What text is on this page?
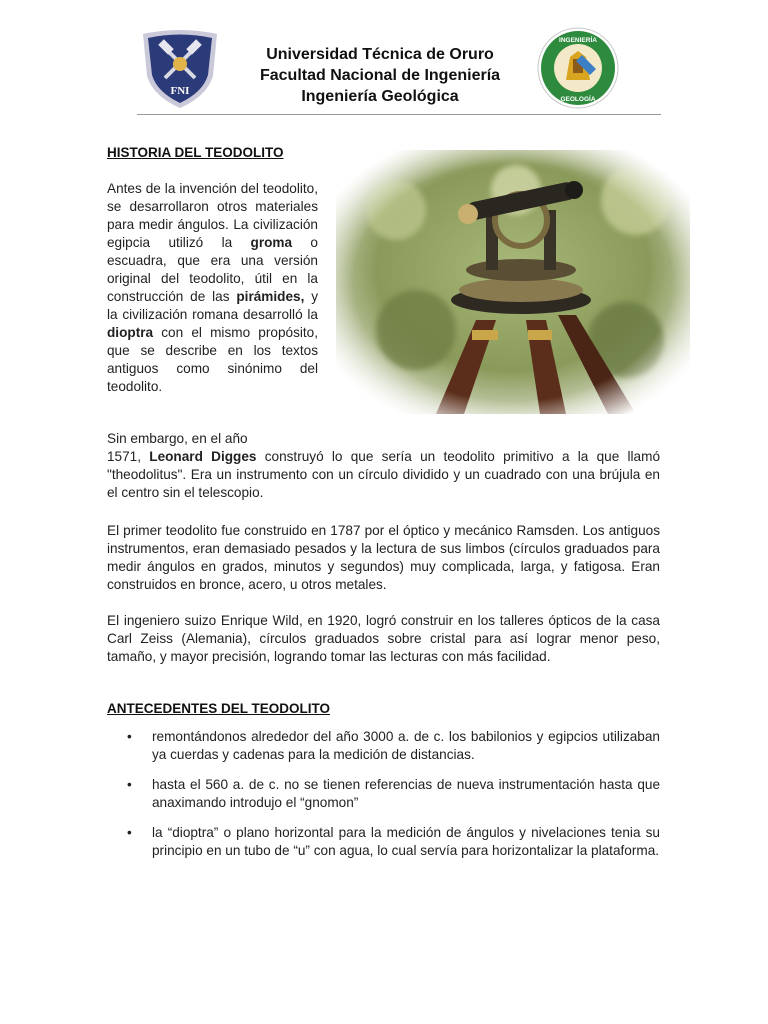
FNI
Universidad Técnica de Oruro
Facultad Nacional de Ingeniería
Ingeniería Geológica
INGENIERÍA
GEOLOGÍA
HISTORIA DEL TEODOLITO
Antes de la invención del teodolito, se desarrollaron otros materiales para medir ángulos. La civilización egipcia utilizó la groma o escuadra, que era una versión original del teodolito, útil en la construcción de las pirámides, y la civilización romana desarrolló la dioptra con el mismo propósito, que se describe en los textos antiguos como sinónimo del teodolito.
Sin embargo, en el año
1571, Leonard Digges construyó lo que sería un teodolito primitivo a la que llamó "theodolitus". Era un instrumento con un círculo dividido y un cuadrado con una brújula en el centro sin el telescopio.
El primer teodolito fue construido en 1787 por el óptico y mecánico Ramsden. Los antiguos instrumentos, eran demasiado pesados y la lectura de sus limbos (círculos graduados para medir ángulos en grados, minutos y segundos) muy complicada, larga, y fatigosa. Eran construidos en bronce, acero, u otros metales.
El ingeniero suizo Enrique Wild, en 1920, logró construir en los talleres ópticos de la casa Carl Zeiss (Alemania), círculos graduados sobre cristal para así lograr menor peso, tamaño, y mayor precisión, logrando tomar las lecturas con más facilidad.
ANTECEDENTES DEL TEODOLITO
• remontándonos alrededor del año 3000 a. de c. los babilonios y egipcios utilizaban ya cuerdas y cadenas para la medición de distancias.
• hasta el 560 a. de c. no se tienen referencias de nueva instrumentación hasta que anaximando introdujo el “gnomon”
• la “dioptra” o plano horizontal para la medición de ángulos y nivelaciones tenia su principio en un tubo de “u” con agua, lo cual servía para horizontalizar la plataforma.
